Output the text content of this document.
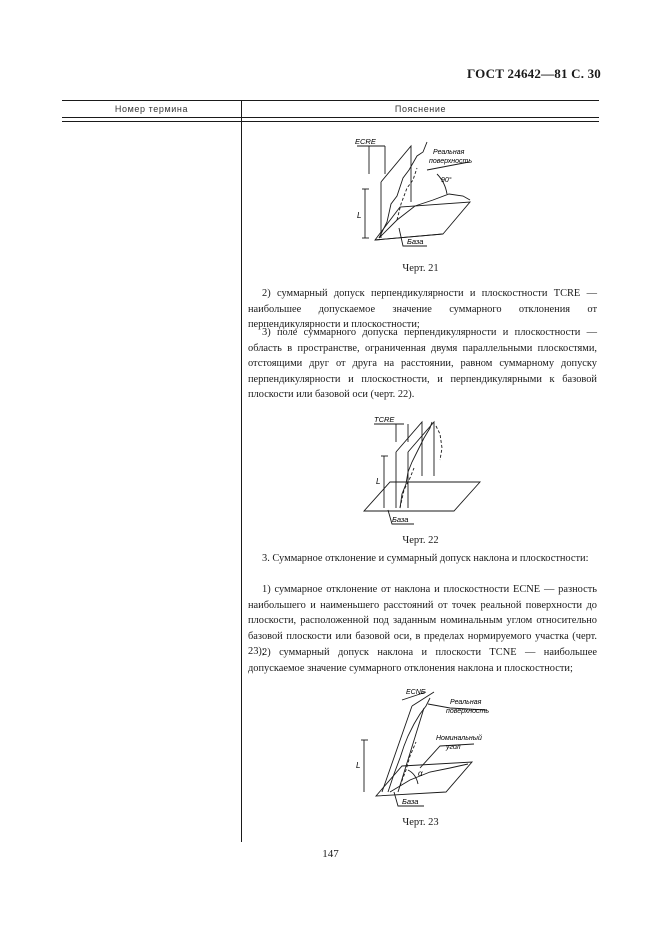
ГОСТ 24642—81 С. 30
Номер термина	Пояснение
ECRE
Реальная
поверхность
90°
L
База
Черт. 21
2) суммарный допуск перпендикулярности и плоскостности TCRE — наибольшее допускаемое значение суммарного отклонения от перпендикулярности и плоскостности;
3) поле суммарного допуска перпендикулярности и плоскостности — область в пространстве, ограниченная двумя параллельными плоскостями, отстоящими друг от друга на расстоянии, равном суммарному допуску перпендикулярности и плоскостности, и перпендикулярными к базовой плоскости или базовой оси (черт. 22).
TCRE
L
База
Черт. 22
3. Суммарное отклонение и суммарный допуск наклона и плоскостности:
1) суммарное отклонение от наклона и плоскостности ECNE — разность наибольшего и наименьшего расстояний от точек реальной поверхности до плоскости, расположенной под заданным номинальным углом относительно базовой плоскости или базовой оси, в пределах нормируемого участка (черт. 23);
2) суммарный допуск наклона и плоскости TCNE — наибольшее допускаемое значение суммарного отклонения наклона и плоскостности;
ECNE
Реальная
поверхность
Номинальный
угол
α
L
База
Черт. 23
147
